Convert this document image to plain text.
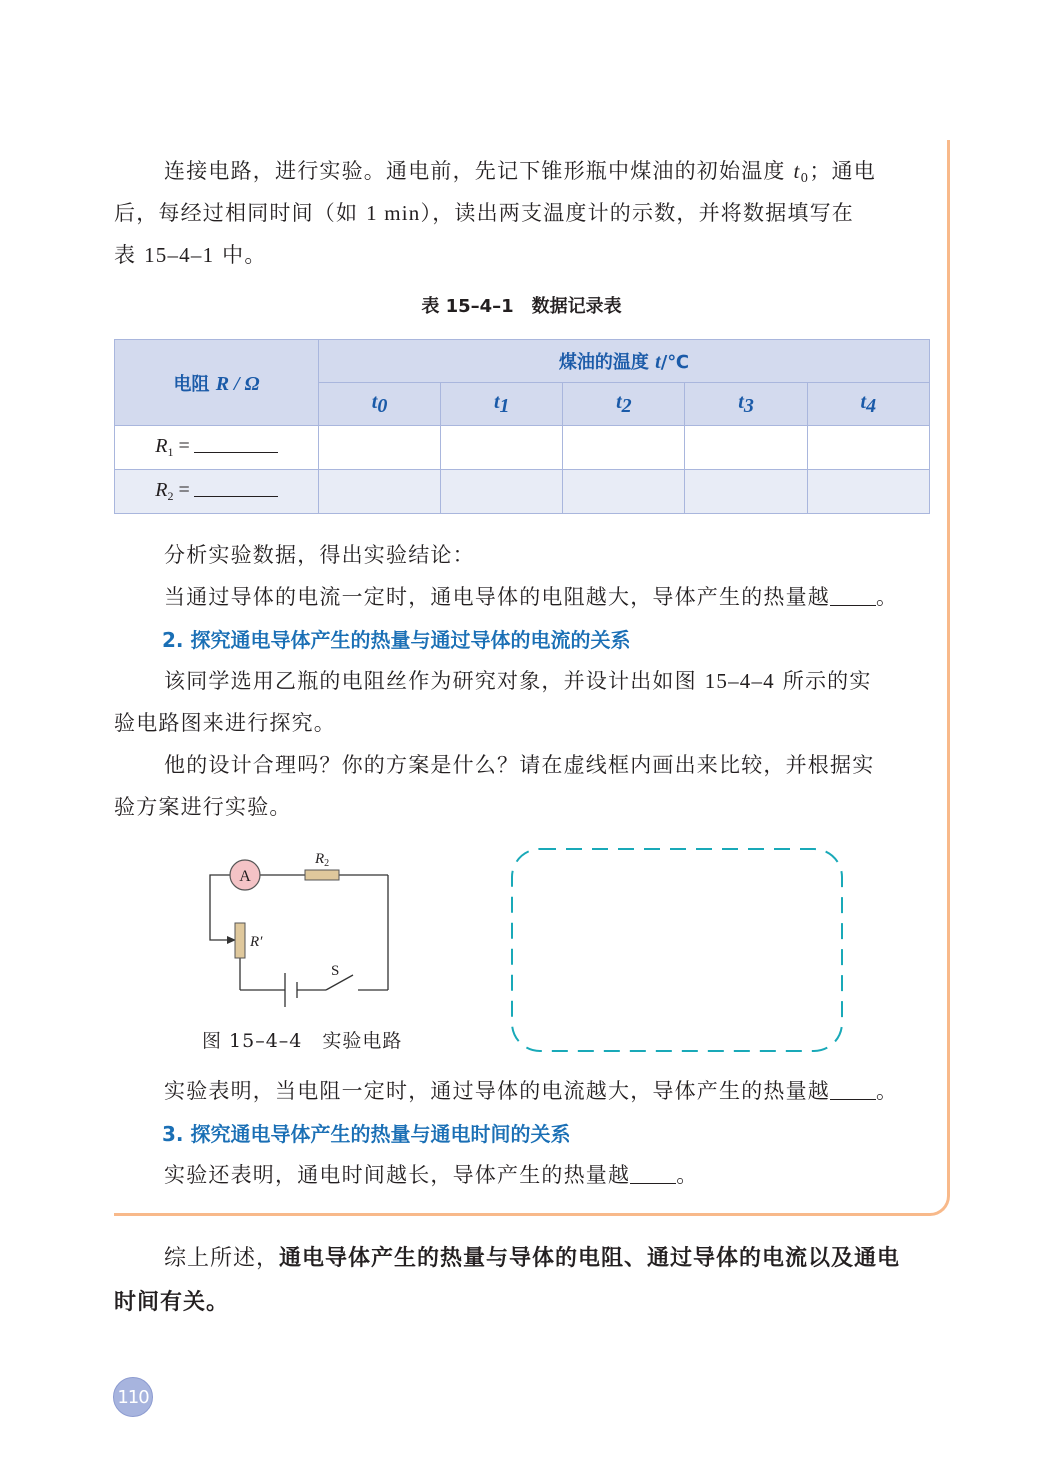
连接电路，进行实验。通电前，先记下锥形瓶中煤油的初始温度 $t_0$；通电
后，每经过相同时间（如 1 min），读出两支温度计的示数，并将数据填写在
表 15–4–1 中。
表 15–4–1　数据记录表
电阻 R / Ω	煤油的温度 t/℃				
	$t_0$	$t_1$	$t_2$	$t_3$	$t_4$
$R_1$ =					
$R_2$ =					
分析实验数据，得出实验结论：
当通过导体的电流一定时，通电导体的电阻越大，导体产生的热量越 。
2. 探究通电导体产生的热量与通过导体的电流的关系
该同学选用乙瓶的电阻丝作为研究对象，并设计出如图 15–4–4 所示的实
验电路图来进行探究。
他的设计合理吗？你的方案是什么？请在虚线框内画出来比较，并根据实
验方案进行实验。
A
$R_2$
R′
S
图 15–4–4　实验电路
实验表明，当电阻一定时，通过导体的电流越大，导体产生的热量越 。
3. 探究通电导体产生的热量与通电时间的关系
实验还表明，通电时间越长，导体产生的热量越 。
综上所述，通电导体产生的热量与导体的电阻、通过导体的电流以及通电
时间有关。
110
